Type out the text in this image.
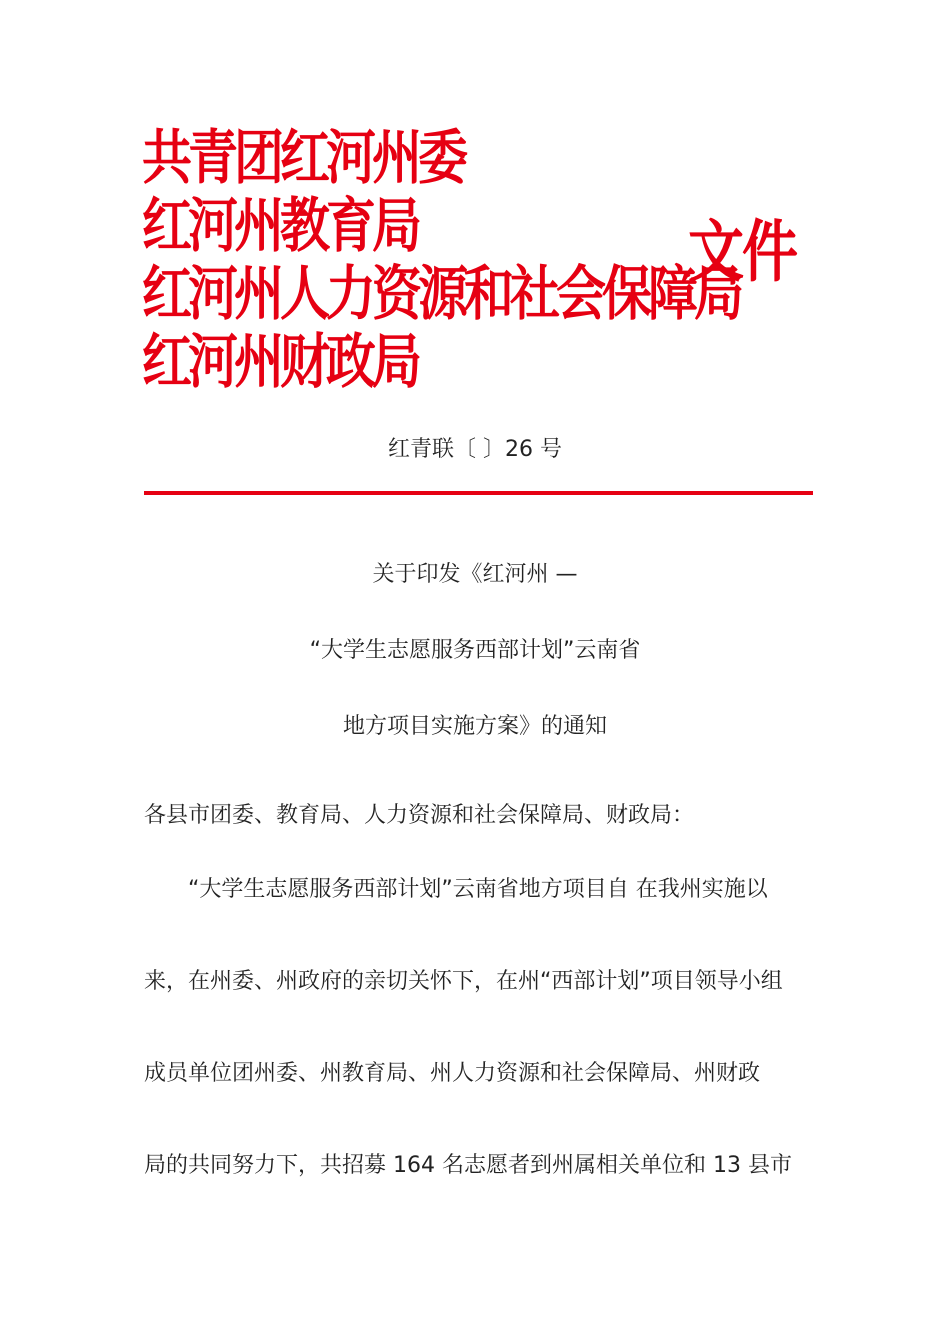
共青团红河州委
红河州教育局
红河州人力资源和社会保障局
红河州财政局
文件
红青联〔 〕26 号
关于印发《红河州 —
“大学生志愿服务西部计划”云南省
地方项目实施方案》的通知
各县市团委、教育局、人力资源和社会保障局、财政局：
“大学生志愿服务西部计划”云南省地方项目自 在我州实施以
来，在州委、州政府的亲切关怀下，在州“西部计划”项目领导小组
成员单位团州委、州教育局、州人力资源和社会保障局、州财政
局的共同努力下，共招募 164 名志愿者到州属相关单位和 13 县市
